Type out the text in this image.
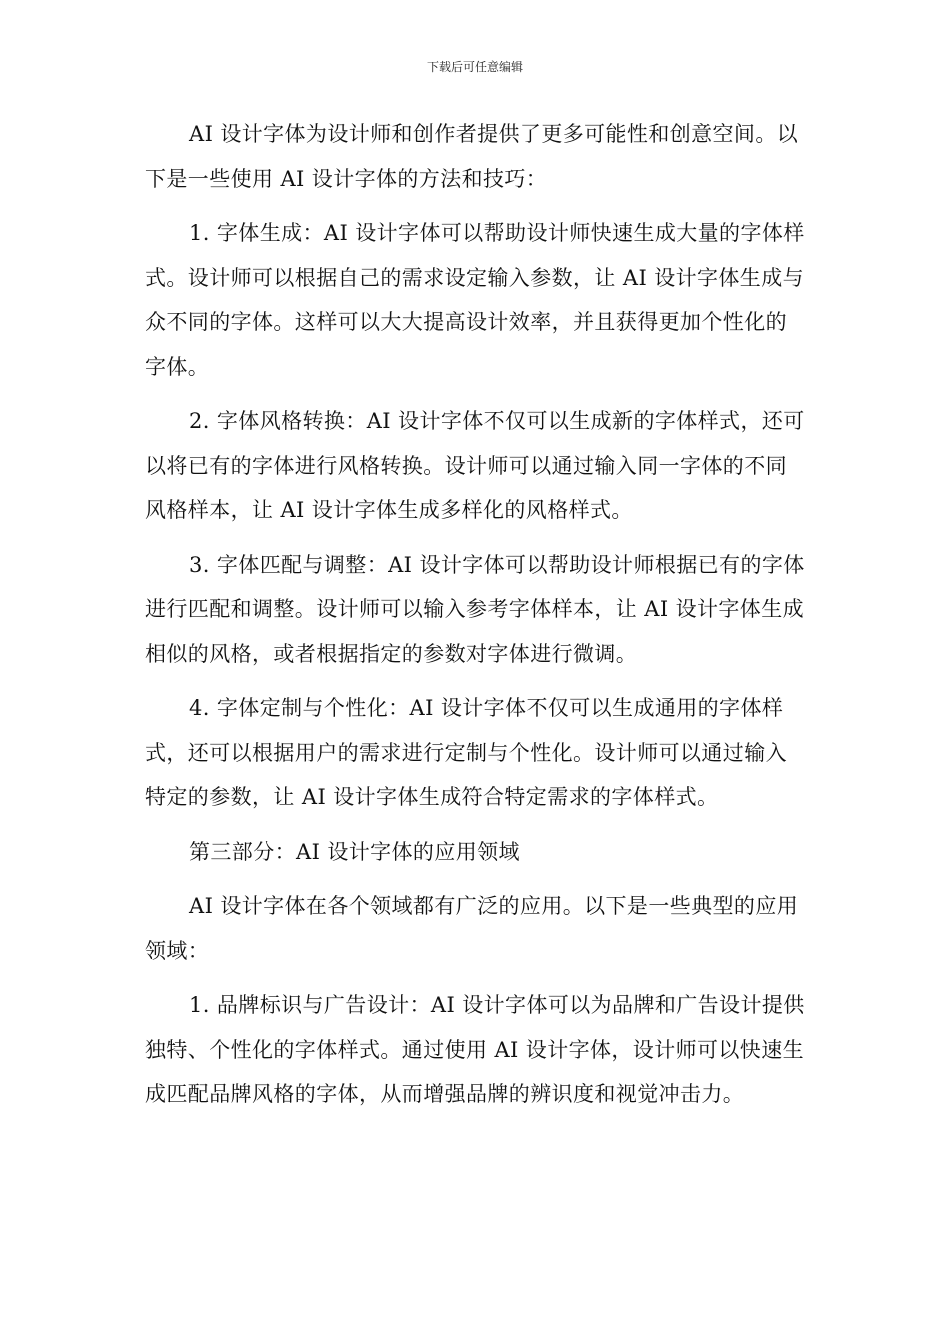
下载后可任意编辑

AI 设计字体为设计师和创作者提供了更多可能性和创意空间。以下是一些使用 AI 设计字体的方法和技巧：

1. 字体生成：AI 设计字体可以帮助设计师快速生成大量的字体样式。设计师可以根据自己的需求设定输入参数，让 AI 设计字体生成与众不同的字体。这样可以大大提高设计效率，并且获得更加个性化的字体。

2. 字体风格转换：AI 设计字体不仅可以生成新的字体样式，还可以将已有的字体进行风格转换。设计师可以通过输入同一字体的不同风格样本，让 AI 设计字体生成多样化的风格样式。

3. 字体匹配与调整：AI 设计字体可以帮助设计师根据已有的字体进行匹配和调整。设计师可以输入参考字体样本，让 AI 设计字体生成相似的风格，或者根据指定的参数对字体进行微调。

4. 字体定制与个性化：AI 设计字体不仅可以生成通用的字体样式，还可以根据用户的需求进行定制与个性化。设计师可以通过输入特定的参数，让 AI 设计字体生成符合特定需求的字体样式。

第三部分：AI 设计字体的应用领域

AI 设计字体在各个领域都有广泛的应用。以下是一些典型的应用领域：

1. 品牌标识与广告设计：AI 设计字体可以为品牌和广告设计提供独特、个性化的字体样式。通过使用 AI 设计字体，设计师可以快速生成匹配品牌风格的字体，从而增强品牌的辨识度和视觉冲击力。
